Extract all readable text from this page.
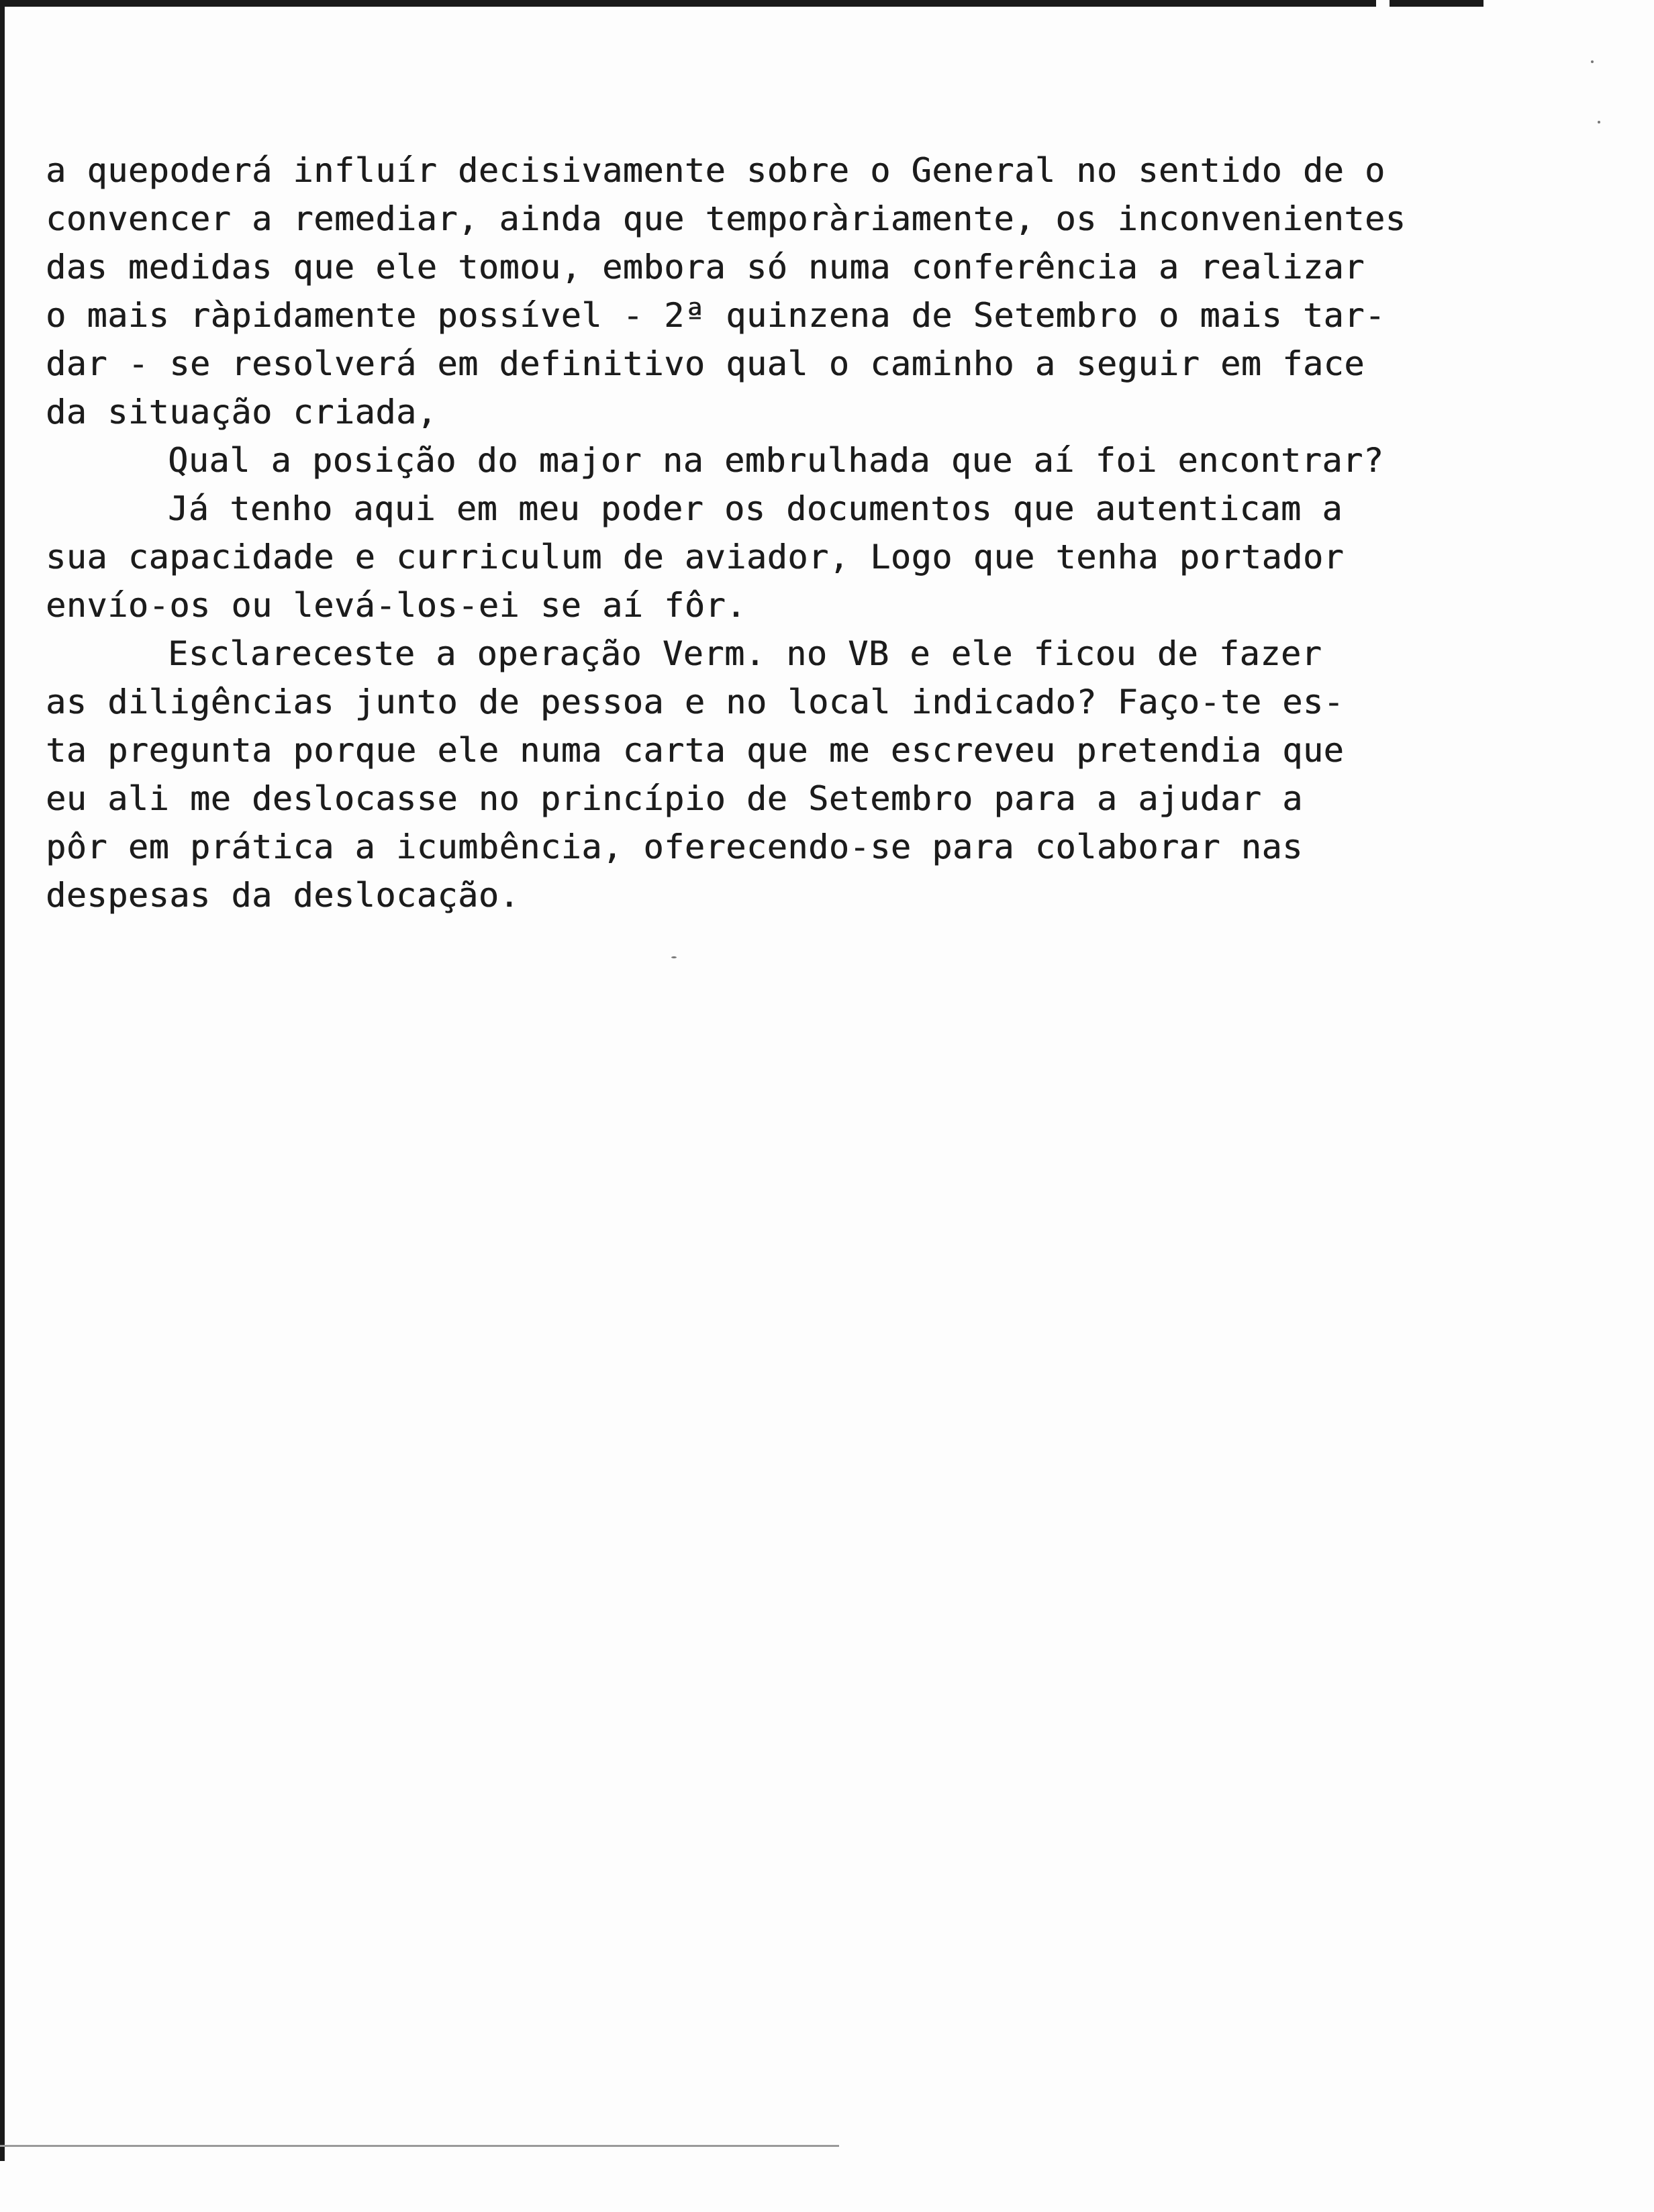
a quepoderá influír decisivamente sobre o General no sentido de o
convencer a remediar, ainda que temporàriamente, os inconvenientes
das medidas que ele tomou, embora só numa conferência a realizar
o mais ràpidamente possível - 2ª quinzena de Setembro o mais tar-
dar - se resolverá em definitivo qual o caminho a seguir em face
da situação criada,
Qual a posição do major na embrulhada que aí foi encontrar?
Já tenho aqui em meu poder os documentos que autenticam a
sua capacidade e curriculum de aviador, Logo que tenha portador
envío-os ou levá-los-ei se aí fôr.
Esclareceste a operação Verm. no VB e ele ficou de fazer
as diligências junto de pessoa e no local indicado? Faço-te es-
ta pregunta porque ele numa carta que me escreveu pretendia que
eu ali me deslocasse no princípio de Setembro para a ajudar a
pôr em prática a icumbência, oferecendo-se para colaborar nas
despesas da deslocação.
